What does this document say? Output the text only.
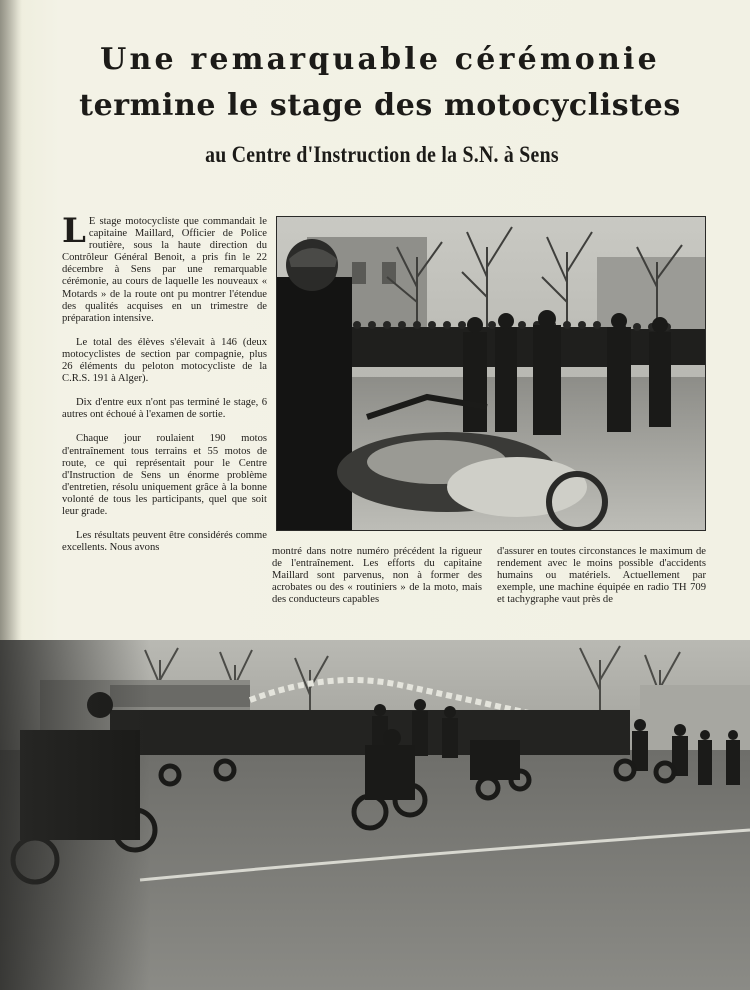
Une remarquable cérémonie
termine le stage des motocyclistes
au Centre d'Instruction de la S.N. à Sens

L E stage motocycliste que commandait le capitaine Maillard, Officier de Police routière, sous la haute direction du Contrôleur Général Benoit, a pris fin le 22 décembre à Sens par une remarquable cérémonie, au cours de laquelle les nouveaux « Motards » de la route ont pu montrer l'étendue des qualités acquises en un trimestre de préparation intensive.

Le total des élèves s'élevait à 146 (deux motocyclistes de section par compagnie, plus 26 éléments du peloton motocycliste de la C.R.S. 191 à Alger).

Dix d'entre eux n'ont pas terminé le stage, 6 autres ont échoué à l'examen de sortie.

Chaque jour roulaient 190 motos d'entraînement tous terrains et 55 motos de route, ce qui représentait pour le Centre d'Instruction de Sens un énorme problème d'entretien, résolu uniquement grâce à la bonne volonté de tous les participants, quel que soit leur grade.

Les résultats peuvent être considérés comme excellents. Nous avons	montré dans notre numéro précédent la rigueur de l'entraînement. Les efforts du capitaine Maillard sont parvenus, non à former des acrobates ou des « routiniers » de la moto, mais des conducteurs capables

d'assurer en toutes circonstances le maximum de rendement avec le moins possible d'accidents humains ou matériels. Actuellement par exemple, une machine équipée en radio TH 709 et tachygraphe vaut près de
